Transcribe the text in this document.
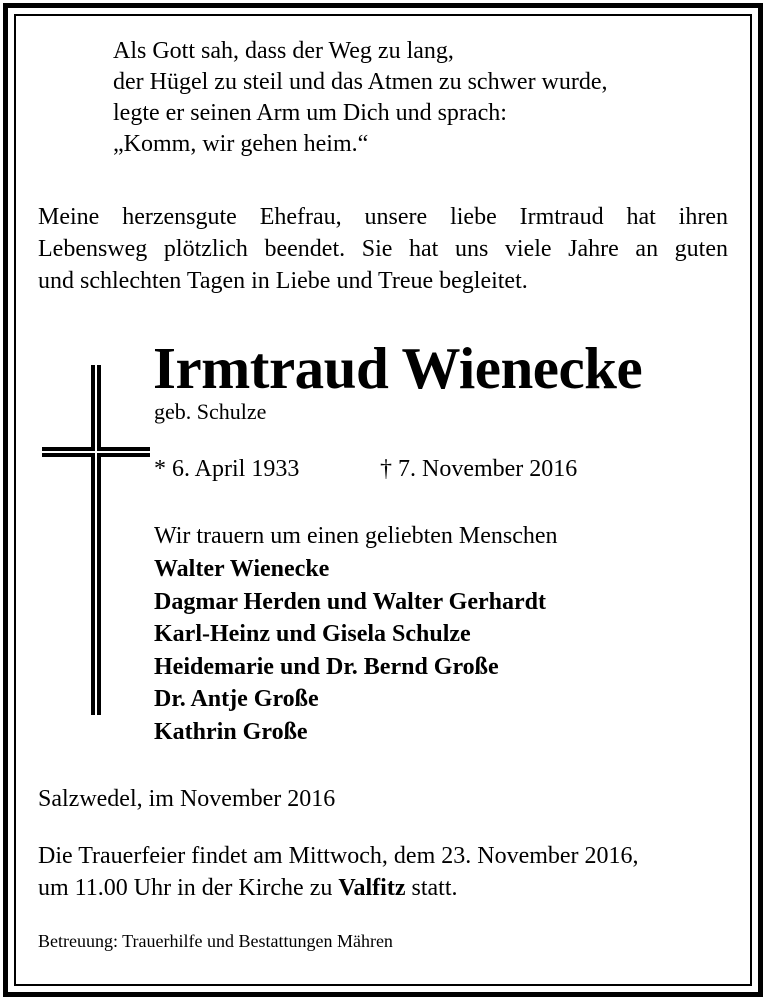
Als Gott sah, dass der Weg zu lang,
der Hügel zu steil und das Atmen zu schwer wurde,
legte er seinen Arm um Dich und sprach:
„Komm, wir gehen heim.“
Meine herzensgute Ehefrau, unsere liebe Irmtraud hat ihren
Lebensweg plötzlich beendet. Sie hat uns viele Jahre an guten
und schlechten Tagen in Liebe und Treue begleitet.
Irmtraud Wienecke
geb. Schulze
* 6. April 1933	† 7. November 2016
Wir trauern um einen geliebten Menschen
Walter Wienecke
Dagmar Herden und Walter Gerhardt
Karl-Heinz und Gisela Schulze
Heidemarie und Dr. Bernd Große
Dr. Antje Große
Kathrin Große
Salzwedel, im November 2016
Die Trauerfeier findet am Mittwoch, dem 23. November 2016,
um 11.00 Uhr in der Kirche zu Valfitz statt.
Betreuung: Trauerhilfe und Bestattungen Mähren
